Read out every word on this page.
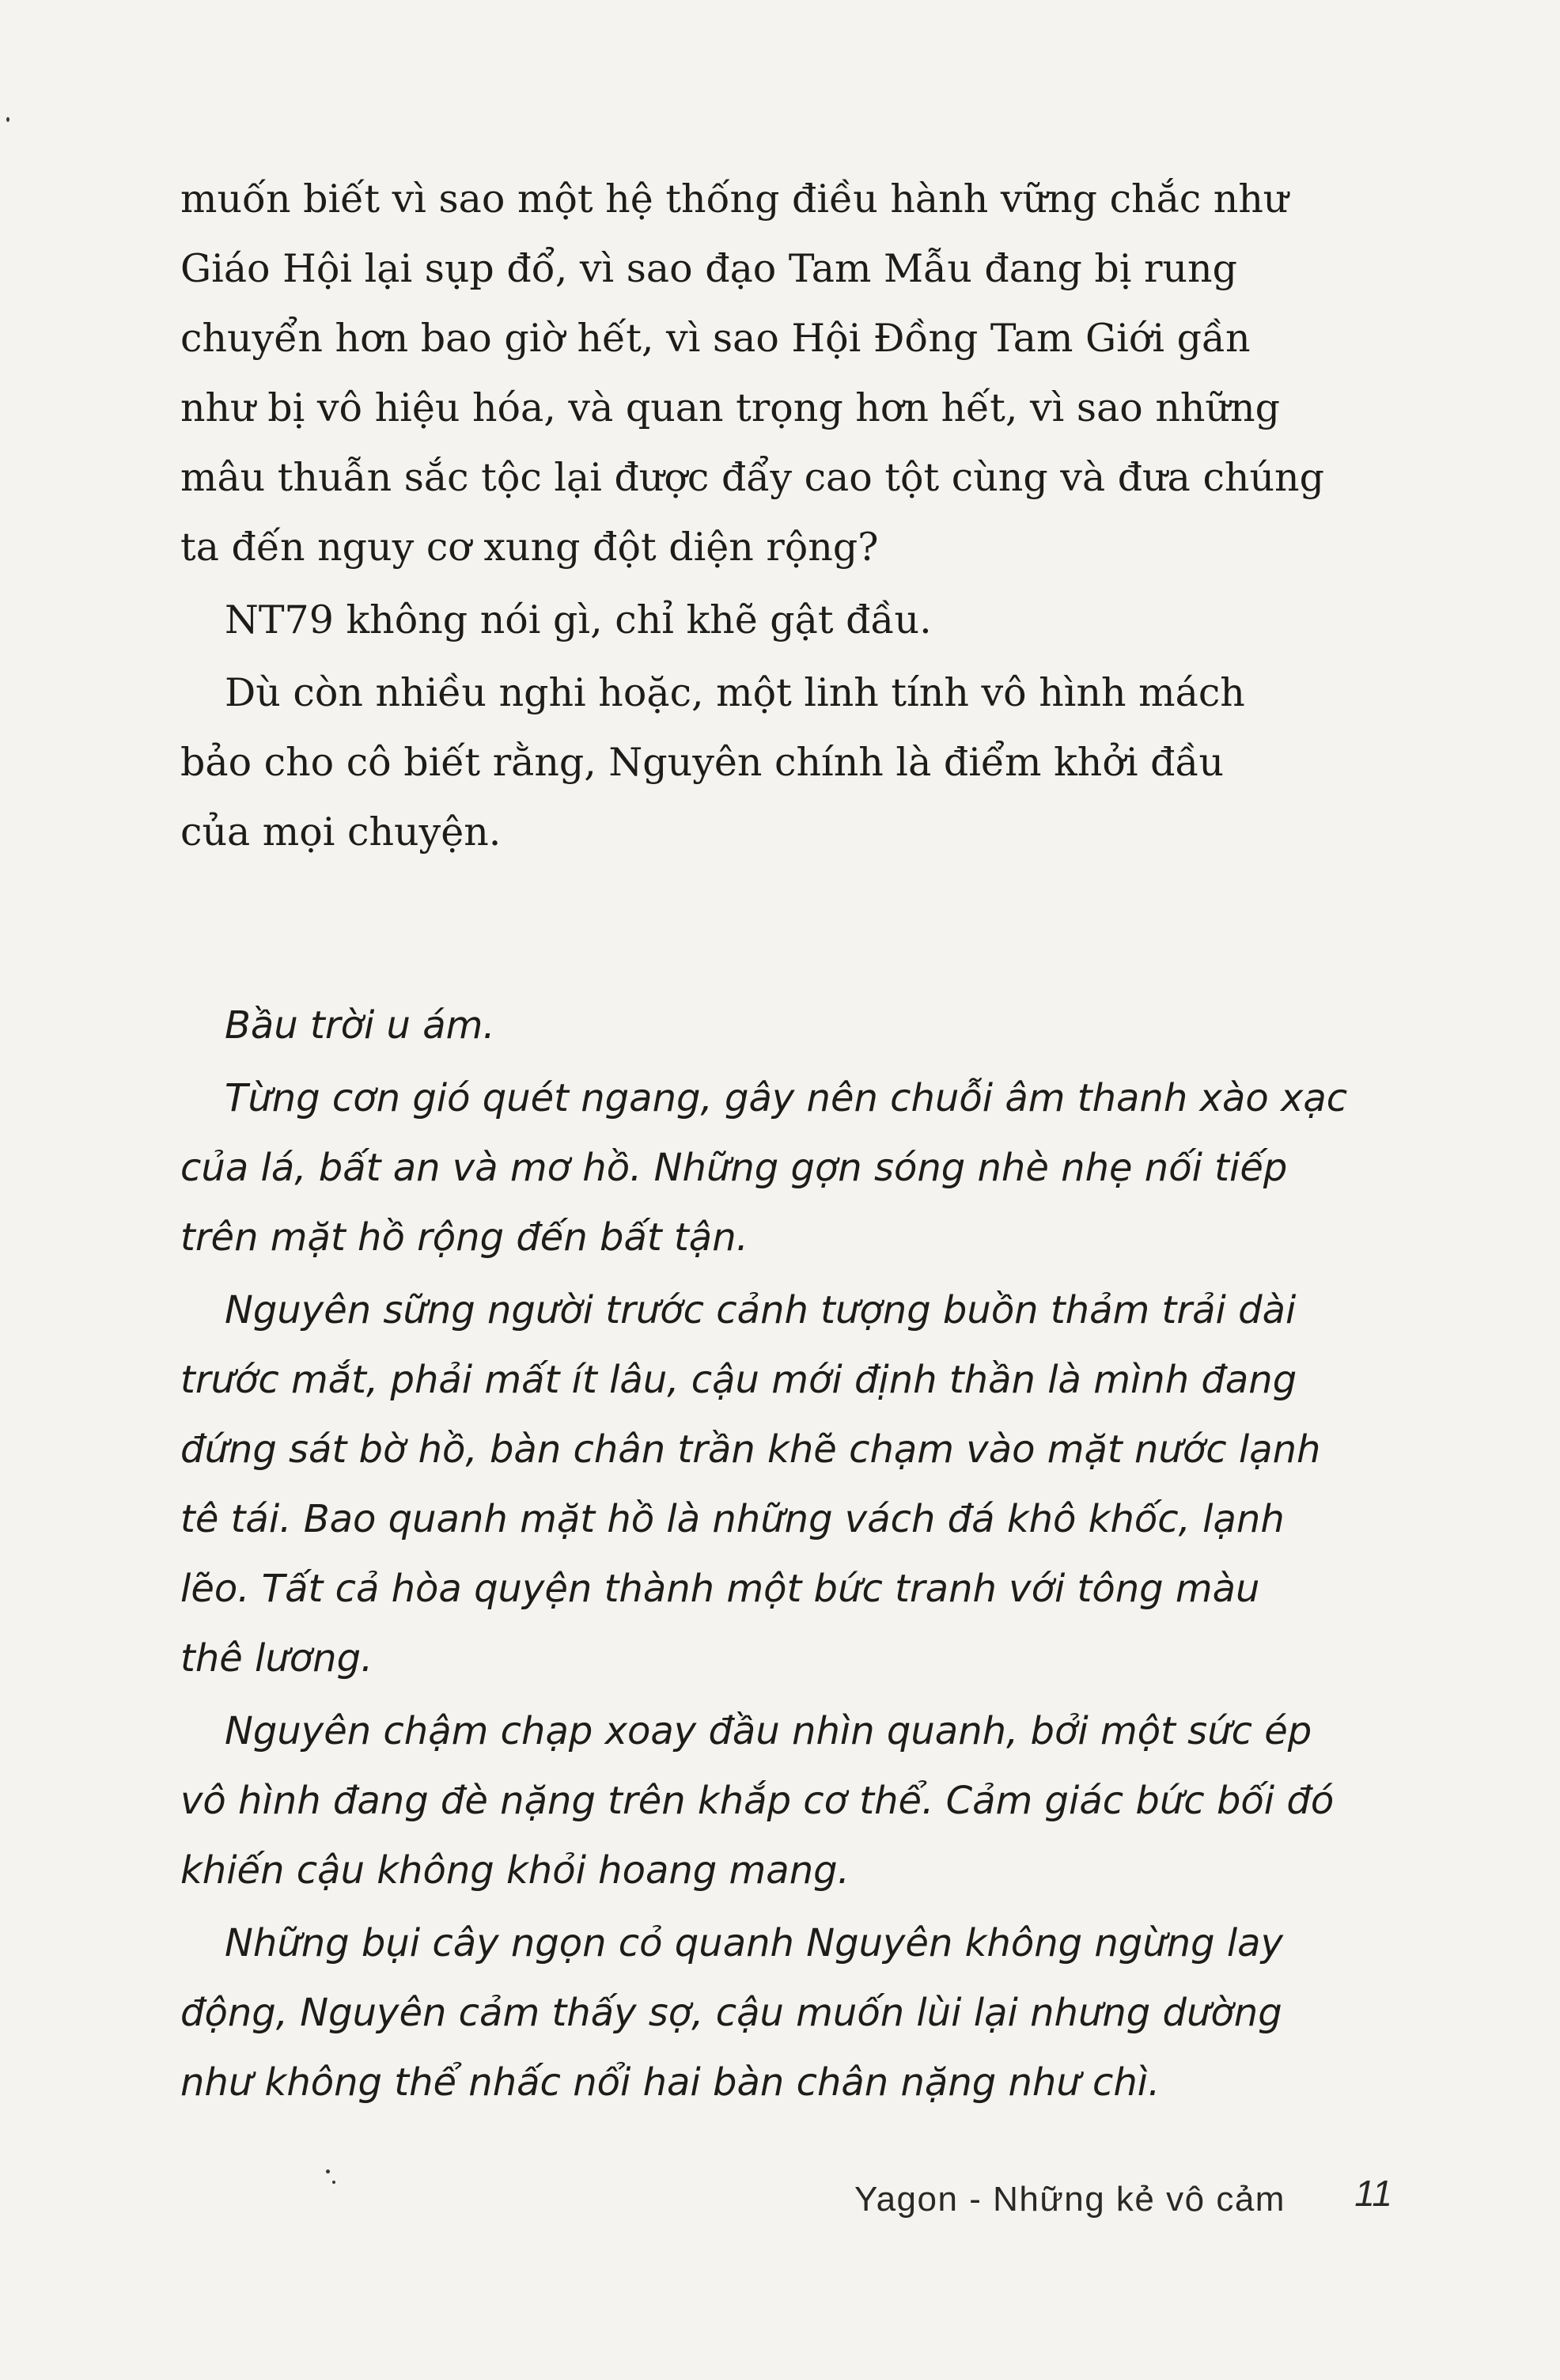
muốn biết vì sao một hệ thống điều hành vững chắc như
Giáo Hội lại sụp đổ, vì sao đạo Tam Mẫu đang bị rung
chuyển hơn bao giờ hết, vì sao Hội Đồng Tam Giới gần
như bị vô hiệu hóa, và quan trọng hơn hết, vì sao những
mâu thuẫn sắc tộc lại được đẩy cao tột cùng và đưa chúng
ta đến nguy cơ xung đột diện rộng?
NT79 không nói gì, chỉ khẽ gật đầu.
Dù còn nhiều nghi hoặc, một linh tính vô hình mách
bảo cho cô biết rằng, Nguyên chính là điểm khởi đầu
của mọi chuyện.
Bầu trời u ám.
Từng cơn gió quét ngang, gây nên chuỗi âm thanh xào xạc
của lá, bất an và mơ hồ. Những gợn sóng nhè nhẹ nối tiếp
trên mặt hồ rộng đến bất tận.
Nguyên sững người trước cảnh tượng buồn thảm trải dài
trước mắt, phải mất ít lâu, cậu mới định thần là mình đang
đứng sát bờ hồ, bàn chân trần khẽ chạm vào mặt nước lạnh
tê tái. Bao quanh mặt hồ là những vách đá khô khốc, lạnh
lẽo. Tất cả hòa quyện thành một bức tranh với tông màu
thê lương.
Nguyên chậm chạp xoay đầu nhìn quanh, bởi một sức ép
vô hình đang đè nặng trên khắp cơ thể. Cảm giác bức bối đó
khiến cậu không khỏi hoang mang.
Những bụi cây ngọn cỏ quanh Nguyên không ngừng lay
động, Nguyên cảm thấy sợ, cậu muốn lùi lại nhưng dường
như không thể nhấc nổi hai bàn chân nặng như chì.
Yagon - Những kẻ vô cảm 11
